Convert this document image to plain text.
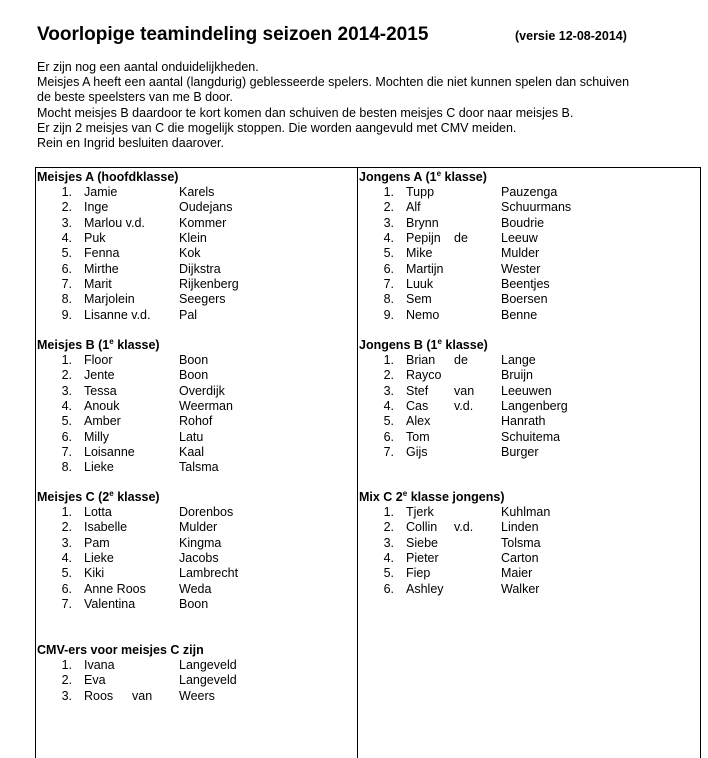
Voorlopige teamindeling seizoen 2014-2015	(versie 12-08-2014)
Er zijn nog een aantal onduidelijkheden.
Meisjes A heeft een aantal (langdurig) geblesseerde spelers. Mochten die niet kunnen spelen dan schuiven
de beste speelsters van me B door.
Mocht meisjes B daardoor te kort komen dan schuiven de besten meisjes C door naar meisjes B.
Er zijn 2 meisjes van C die mogelijk stoppen. Die worden aangevuld met CMV meiden.
Rein en Ingrid besluiten daarover.
Meisjes A (hoofdklasse)
1. Jamie	Karels
2. Inge	Oudejans
3. Marlou v.d.	Kommer
4. Puk	Klein
5. Fenna	Kok
6. Mirthe	Dijkstra
7. Marit	Rijkenberg
8. Marjolein	Seegers
9. Lisanne v.d. Pal
Meisjes B (1e klasse)
1. Floor	Boon
2. Jente	Boon
3. Tessa	Overdijk
4. Anouk	Weerman
5. Amber	Rohof
6. Milly	Latu
7. Loisanne	Kaal
8. Lieke	Talsma
Meisjes C (2e klasse)
1. Lotta	Dorenbos
2. Isabelle	Mulder
3. Pam	Kingma
4. Lieke	Jacobs
5. Kiki	Lambrecht
6. Anne Roos	Weda
7. Valentina	Boon
CMV-ers voor meisjes C zijn
1. Ivana	Langeveld
2. Eva	Langeveld
3. Roos van Weers
Jongens A (1e klasse)
1. Tupp	Pauzenga
2. Alf	Schuurmans
3. Brynn	Boudrie
4. Pepijn de	Leeuw
5. Mike	Mulder
6. Martijn	Wester
7. Luuk	Beentjes
8. Sem	Boersen
9. Nemo	Benne
Jongens B (1e klasse)
1. Brian de	Lange
2. Rayco	Bruijn
3. Stef van Leeuwen
4. Cas v.d. Langenberg
5. Alex	Hanrath
6. Tom	Schuitema
7. Gijs	Burger
Mix C 2e klasse jongens)
1. Tjerk	Kuhlman
2. Collin v.d. Linden
3. Siebe	Tolsma
4. Pieter	Carton
5. Fiep	Maier
6. Ashley	Walker
